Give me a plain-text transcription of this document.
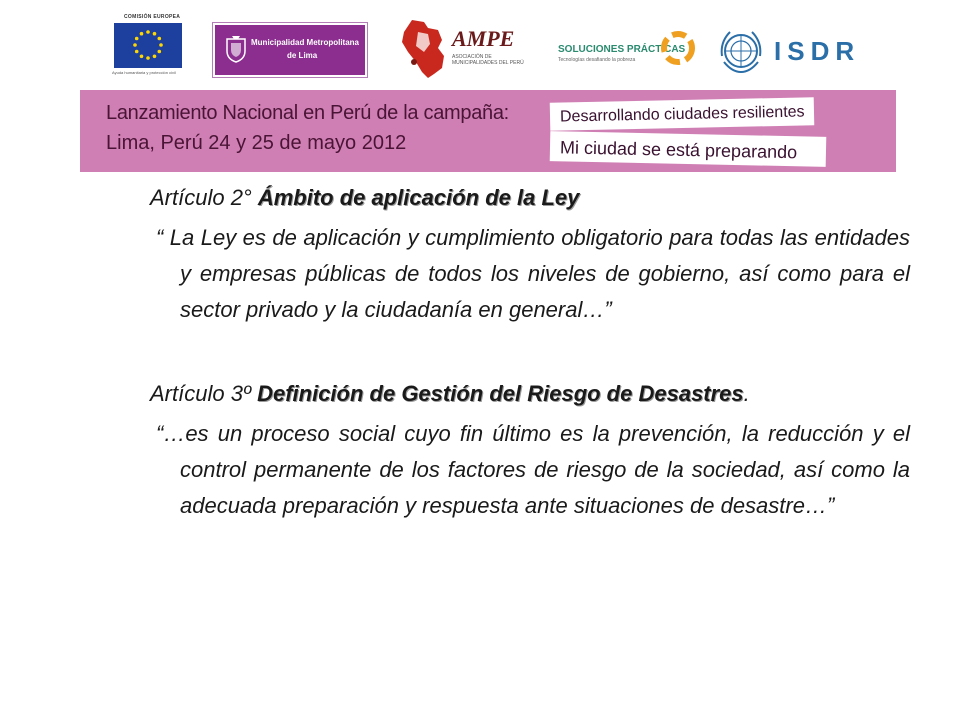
COMISIÓN EUROPEA
Ayuda humanitaria y protección civil
Municipalidad Metropolitana
de Lima
AMPE
ASOCIACIÓN DE MUNICIPALIDADES DEL PERÚ
SOLUCIONES PRÁCTICAS
Tecnologías desafiando la pobreza	ISDR
Lanzamiento Nacional en Perú de la campaña:
Lima, Perú 24 y 25 de mayo 2012
Desarrollando ciudades resilientes
Mi ciudad se está preparando

Artículo 2° Ámbito de aplicación de la Ley

“ La Ley es de aplicación y cumplimiento obligatorio para todas las entidades y empresas públicas de todos los niveles de gobierno, así como para el sector privado y la ciudadanía en general…”

Artículo 3º Definición de Gestión del Riesgo de Desastres.

“…es un proceso social cuyo fin último es la prevención, la reducción y el control permanente de los factores de riesgo de la sociedad, así como la adecuada preparación y respuesta ante situaciones de desastre…”
